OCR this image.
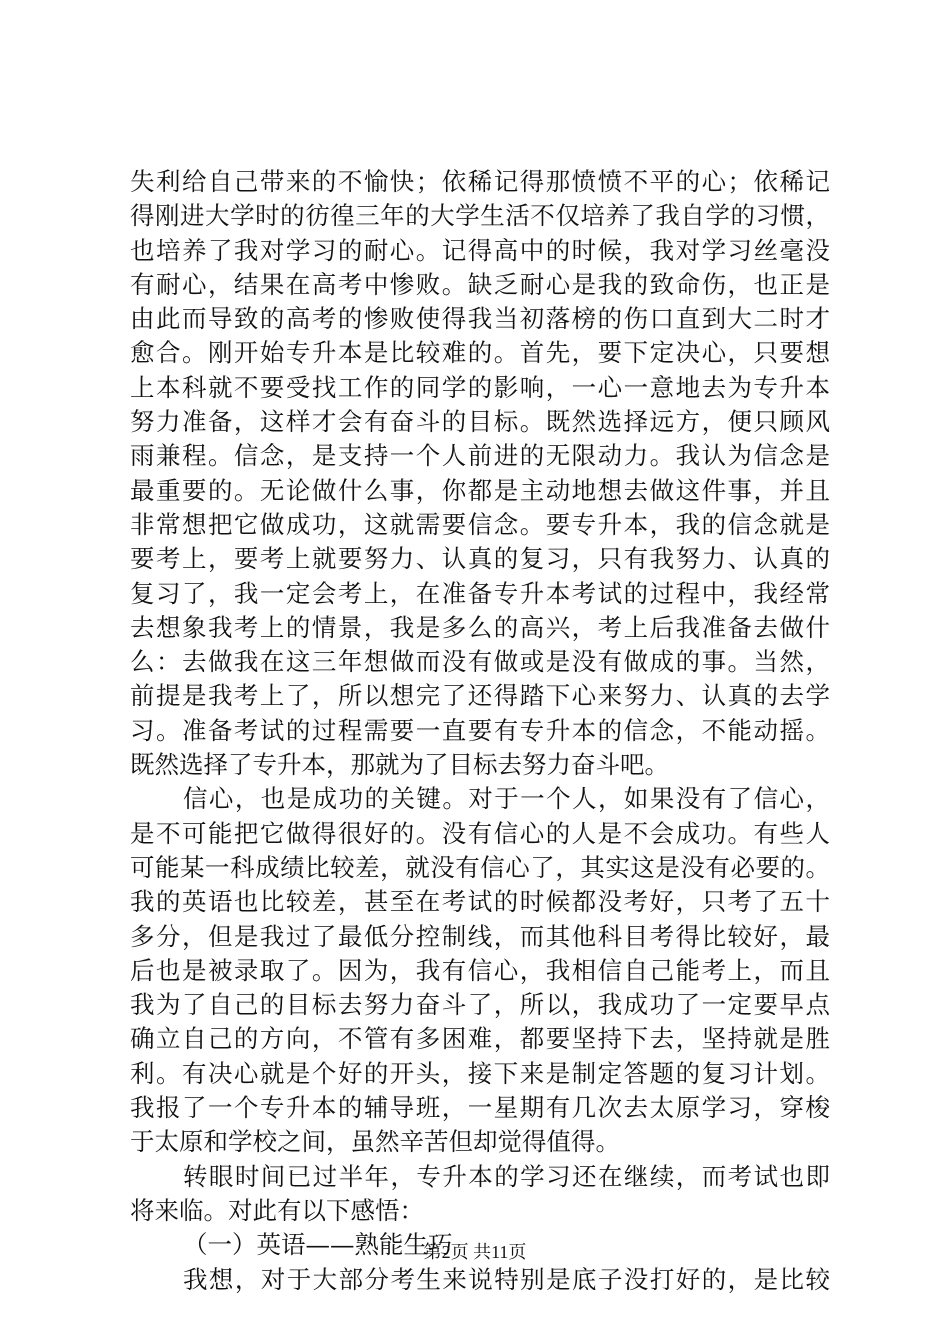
失利给自己带来的不愉快；依稀记得那愤愤不平的心；依稀记
得刚进大学时的彷徨三年的大学生活不仅培养了我自学的习惯，
也培养了我对学习的耐心。记得高中的时候，我对学习丝毫没
有耐心，结果在高考中惨败。缺乏耐心是我的致命伤，也正是
由此而导致的高考的惨败使得我当初落榜的伤口直到大二时才
愈合。刚开始专升本是比较难的。首先，要下定决心，只要想
上本科就不要受找工作的同学的影响，一心一意地去为专升本
努力准备，这样才会有奋斗的目标。既然选择远方，便只顾风
雨兼程。信念，是支持一个人前进的无限动力。我认为信念是
最重要的。无论做什么事，你都是主动地想去做这件事，并且
非常想把它做成功，这就需要信念。要专升本，我的信念就是
要考上，要考上就要努力、认真的复习，只有我努力、认真的
复习了，我一定会考上，在准备专升本考试的过程中，我经常
去想象我考上的情景，我是多么的高兴，考上后我准备去做什
么：去做我在这三年想做而没有做或是没有做成的事。当然，
前提是我考上了，所以想完了还得踏下心来努力、认真的去学
习。准备考试的过程需要一直要有专升本的信念，不能动摇。
既然选择了专升本，那就为了目标去努力奋斗吧。
信心，也是成功的关键。对于一个人，如果没有了信心，
是不可能把它做得很好的。没有信心的人是不会成功。有些人
可能某一科成绩比较差，就没有信心了，其实这是没有必要的。
我的英语也比较差，甚至在考试的时候都没考好，只考了五十
多分，但是我过了最低分控制线，而其他科目考得比较好，最
后也是被录取了。因为，我有信心，我相信自己能考上，而且
我为了自己的目标去努力奋斗了，所以，我成功了一定要早点
确立自己的方向，不管有多困难，都要坚持下去，坚持就是胜
利。有决心就是个好的开头，接下来是制定答题的复习计划。
我报了一个专升本的辅导班，一星期有几次去太原学习，穿梭
于太原和学校之间，虽然辛苦但却觉得值得。
转眼时间已过半年，专升本的学习还在继续，而考试也即
将来临。对此有以下感悟：
（一）英语——熟能生巧
我想，对于大部分考生来说特别是底子没打好的，是比较
第2页 共11页
